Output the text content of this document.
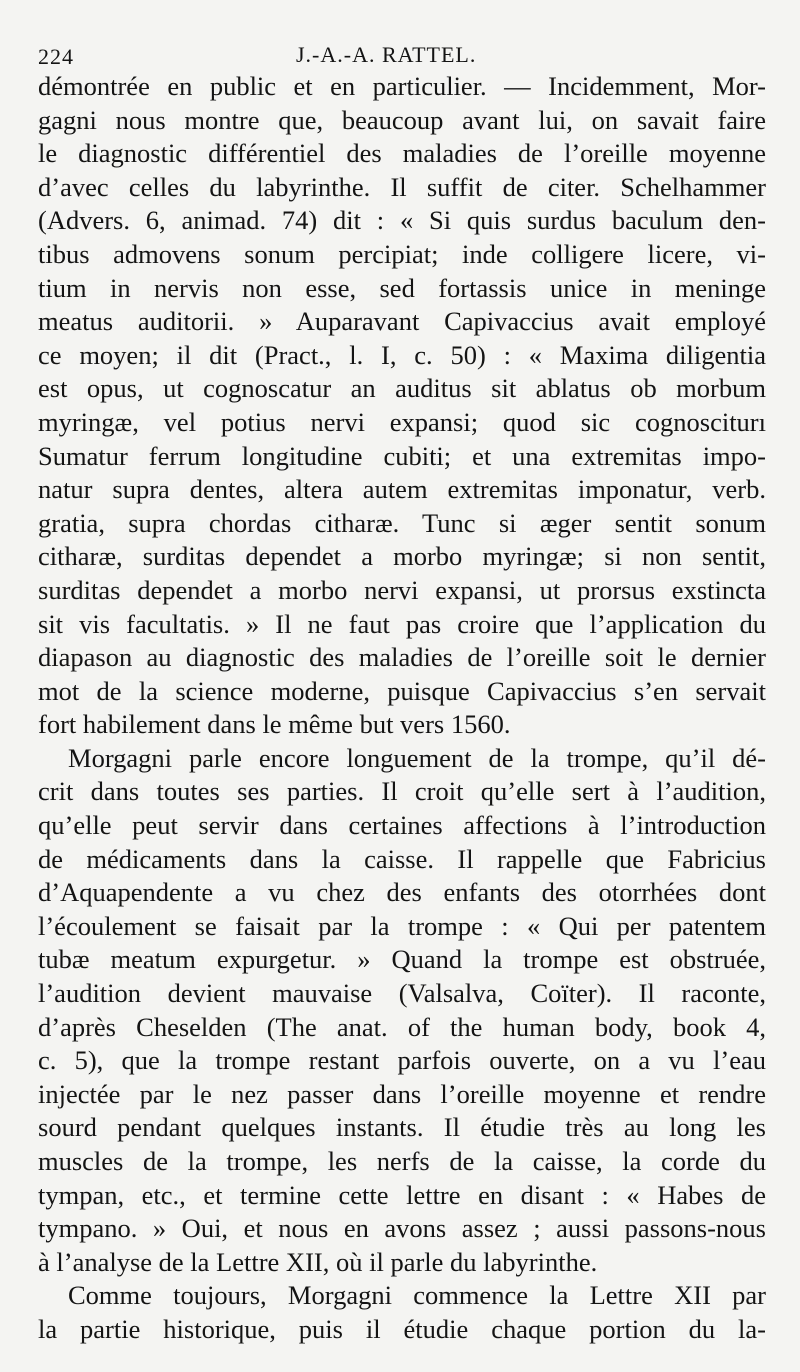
224	J.-A.-A. RATTEL.
démontrée en public et en particulier. — Incidemment, Mor-
gagni nous montre que, beaucoup avant lui, on savait faire
le diagnostic différentiel des maladies de l’oreille moyenne
d’avec celles du labyrinthe. Il suffit de citer. Schelhammer
(Advers. 6, animad. 74) dit : « Si quis surdus baculum den-
tibus admovens sonum percipiat; inde colligere licere, vi-
tium in nervis non esse, sed fortassis unice in meninge
meatus auditorii. » Auparavant Capivaccius avait employé
ce moyen; il dit (Pract., l. I, c. 50) : « Maxima diligentia
est opus, ut cognoscatur an auditus sit ablatus ob morbum
myringæ, vel potius nervi expansi; quod sic cognosciturı
Sumatur ferrum longitudine cubiti; et una extremitas impo-
natur supra dentes, altera autem extremitas imponatur, verb.
gratia, supra chordas citharæ. Tunc si æger sentit sonum
citharæ, surditas dependet a morbo myringæ; si non sentit,
surditas dependet a morbo nervi expansi, ut prorsus exstincta
sit vis facultatis. » Il ne faut pas croire que l’application du
diapason au diagnostic des maladies de l’oreille soit le dernier
mot de la science moderne, puisque Capivaccius s’en servait
fort habilement dans le même but vers 1560.
Morgagni parle encore longuement de la trompe, qu’il dé-
crit dans toutes ses parties. Il croit qu’elle sert à l’audition,
qu’elle peut servir dans certaines affections à l’introduction
de médicaments dans la caisse. Il rappelle que Fabricius
d’Aquapendente a vu chez des enfants des otorrhées dont
l’écoulement se faisait par la trompe : « Qui per patentem
tubæ meatum expurgetur. » Quand la trompe est obstruée,
l’audition devient mauvaise (Valsalva, Coïter). Il raconte,
d’après Cheselden (The anat. of the human body, book 4,
c. 5), que la trompe restant parfois ouverte, on a vu l’eau
injectée par le nez passer dans l’oreille moyenne et rendre
sourd pendant quelques instants. Il étudie très au long les
muscles de la trompe, les nerfs de la caisse, la corde du
tympan, etc., et termine cette lettre en disant : « Habes de
tympano. » Oui, et nous en avons assez ; aussi passons-nous
à l’analyse de la Lettre XII, où il parle du labyrinthe.
Comme toujours, Morgagni commence la Lettre XII par
la partie historique, puis il étudie chaque portion du la-
